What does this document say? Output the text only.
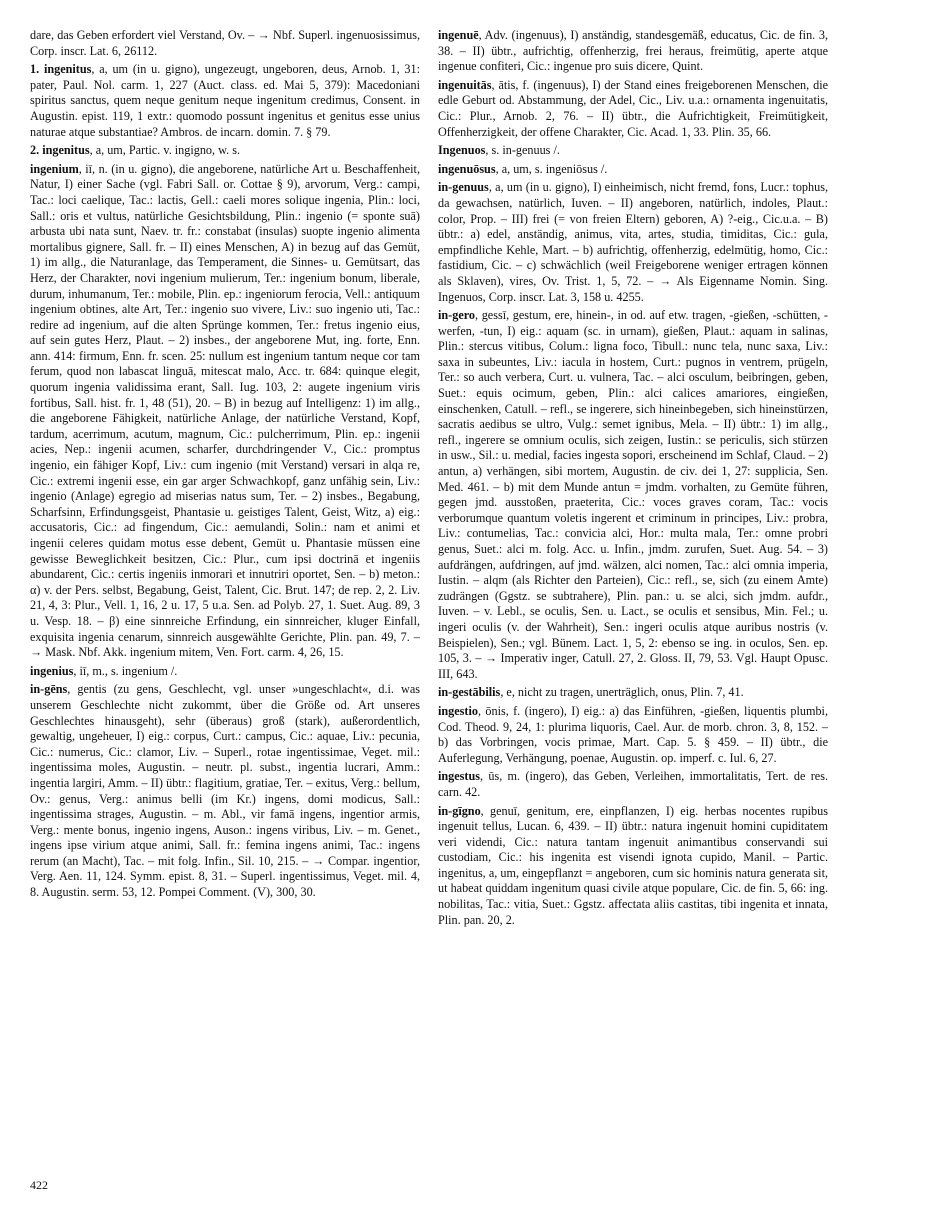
dare, das Geben erfordert viel Verstand, Ov. – → Nbf. Superl. ingenuosissimus, Corp. inscr. Lat. 6, 26112.
1. ingenitus, a, um (in u. gigno), ungezeugt, ungeboren, deus, Arnob. 1, 31: pater, Paul. Nol. carm. 1, 227 (Auct. class. ed. Mai 5, 379): Macedoniani spiritus sanctus, quem neque genitum neque ingenitum credimus, Consent. in Augustin. epist. 119, 1 extr.: quomodo possunt ingenitus et genitus esse unius naturae atque substantiae? Ambros. de incarn. domin. 7. § 79.
2. ingenitus, a, um, Partic. v. ingigno, w. s.
ingenium, iī, n. (in u. gigno), die angeborene, natürliche Art u. Beschaffenheit, Natur, I) einer Sache (vgl. Fabri Sall. or. Cottae § 9), arvorum, Verg.: campi, Tac.: loci caelique, Tac.: lactis, Gell.: caeli mores solique ingenia, Plin.: loci, Sall.: oris et vultus, natürliche Gesichtsbildung, Plin.: ingenio (= sponte suā) arbusta ubi nata sunt, Naev. tr. fr.: constabat (insulas) suopte ingenio alimenta mortalibus gignere, Sall. fr. – II) eines Menschen, A) in bezug auf das Gemüt, 1) im allg., die Naturanlage, das Temperament, die Sinnes- u. Gemütsart, das Herz, der Charakter, novi ingenium mulierum, Ter.: ingenium bonum, liberale, durum, inhumanum, Ter.: mobile, Plin. ep.: ingeniorum ferocia, Vell.: antiquum ingenium obtines, alte Art, Ter.: ingenio suo vivere, Liv.: suo ingenio uti, Tac.: redire ad ingenium, auf die alten Sprünge kommen, Ter.: fretus ingenio eius, auf sein gutes Herz, Plaut. – 2) insbes., der angeborene Mut, ing. forte, Enn. ann. 414: firmum, Enn. fr. scen. 25: nullum est ingenium tantum neque cor tam ferum, quod non labascat linguā, mitescat malo, Acc. tr. 684: quinque elegit, quorum ingenia validissima erant, Sall. Iug. 103, 2: augete ingenium viris fortibus, Sall. hist. fr. 1, 48 (51), 20. – B) in bezug auf Intelligenz: 1) im allg., die angeborene Fähigkeit, natürliche Anlage, der natürliche Verstand, Kopf, tardum, acerrimum, acutum, magnum, Cic.: pulcherrimum, Plin. ep.: ingenii acies, Nep.: ingenii acumen, scharfer, durchdringender V., Cic.: promptus ingenio, ein fähiger Kopf, Liv.: cum ingenio (mit Verstand) versari in alqa re, Cic.: extremi ingenii esse, ein gar arger Schwachkopf, ganz unfähig sein, Liv.: ingenio (Anlage) egregio ad miserias natus sum, Ter. – 2) insbes., Begabung, Scharfsinn, Erfindungsgeist, Phantasie u. geistiges Talent, Geist, Witz, a) eig.: accusatoris, Cic.: ad fingendum, Cic.: aemulandi, Solin.: nam et animi et ingenii celeres quidam motus esse debent, Gemüt u. Phantasie müssen eine gewisse Beweglichkeit besitzen, Cic.: Plur., cum ipsi doctrinā et ingeniis abundarent, Cic.: certis ingeniis inmorari et innutriri oportet, Sen. – b) meton.: α) v. der Pers. selbst, Begabung, Geist, Talent, Cic. Brut. 147; de rep. 2, 2. Liv. 21, 4, 3: Plur., Vell. 1, 16, 2 u. 17, 5 u.a. Sen. ad Polyb. 27, 1. Suet. Aug. 89, 3 u. Vesp. 18. – β) eine sinnreiche Erfindung, ein sinnreicher, kluger Einfall, exquisita ingenia cenarum, sinnreich ausgewählte Gerichte, Plin. pan. 49, 7. – → Mask. Nbf. Akk. ingenium mitem, Ven. Fort. carm. 4, 26, 15.
ingenius, iī, m., s. ingenium /.
in-gēns, gentis (zu gens, Geschlecht, vgl. unser »ungeschlacht«, d.i. was unserem Geschlechte nicht zukommt, über die Größe od. Art unseres Geschlechtes hinausgeht), sehr (überaus) groß (stark), außerordentlich, gewaltig, ungeheuer, I) eig.: corpus, Curt.: campus, Cic.: aquae, Liv.: pecunia, Cic.: numerus, Cic.: clamor, Liv. – Superl., rotae ingentissimae, Veget. mil.: ingentissima moles, Augustin. – neutr. pl. subst., ingentia lucrari, Amm.: ingentia largiri, Amm. – II) übtr.: flagitium, gratiae, Ter. – exitus, Verg.: bellum, Ov.: genus, Verg.: animus belli (im Kr.) ingens, domi modicus, Sall.: ingentissima strages, Augustin. – m. Abl., vir famā ingens, ingentior armis, Verg.: mente bonus, ingenio ingens, Auson.: ingens viribus, Liv. – m. Genet., ingens ipse virium atque animi, Sall. fr.: femina ingens animi, Tac.: ingens rerum (an Macht), Tac. – mit folg. Infin., Sil. 10, 215. – → Compar. ingentior, Verg. Aen. 11, 124. Symm. epist. 8, 31. – Superl. ingentissimus, Veget. mil. 4, 8. Augustin. serm. 53, 12. Pompei Comment. (V), 300, 30.
ingenuē, Adv. (ingenuus), I) anständig, standesgemäß, educatus, Cic. de fin. 3, 38. – II) übtr., aufrichtig, offenherzig, frei heraus, freimütig, aperte atque ingenue confiteri, Cic.: ingenue pro suis dicere, Quint.
ingenuitās, ātis, f. (ingenuus), I) der Stand eines freigeborenen Menschen, die edle Geburt od. Abstammung, der Adel, Cic., Liv. u.a.: ornamenta ingenuitatis, Cic.: Plur., Arnob. 2, 76. – II) übtr., die Aufrichtigkeit, Freimütigkeit, Offenherzigkeit, der offene Charakter, Cic. Acad. 1, 33. Plin. 35, 66.
Ingenuos, s. in-genuus /.
ingenuōsus, a, um, s. ingeniōsus /.
in-genuus, a, um (in u. gigno), I) einheimisch, nicht fremd, fons, Lucr.: tophus, da gewachsen, natürlich, Iuven. – II) angeboren, natürlich, indoles, Plaut.: color, Prop. – III) frei (= von freien Eltern) geboren, A) ?-eig., Cic.u.a. – B) übtr.: a) edel, anständig, animus, vita, artes, studia, timiditas, Cic.: gula, empfindliche Kehle, Mart. – b) aufrichtig, offenherzig, edelmütig, homo, Cic.: fastidium, Cic. – c) schwächlich (weil Freigeborene weniger ertragen können als Sklaven), vires, Ov. Trist. 1, 5, 72. – → Als Eigenname Nomin. Sing. Ingenuos, Corp. inscr. Lat. 3, 158 u. 4255.
in-gero, gessī, gestum, ere, hinein-, in od. auf etw. tragen, -gießen, -schütten, -werfen, -tun, I) eig.: aquam (sc. in urnam), gießen, Plaut.: aquam in salinas, Plin.: stercus vitibus, Colum.: ligna foco, Tibull.: nunc tela, nunc saxa, Liv.: saxa in subeuntes, Liv.: iacula in hostem, Curt.: pugnos in ventrem, prügeln, Ter.: so auch verbera, Curt. u. vulnera, Tac. – alci osculum, beibringen, geben, Suet.: equis ocimum, geben, Plin.: alci calices amariores, eingießen, einschenken, Catull. – refl., se ingerere, sich hineinbegeben, sich hineinstürzen, sacratis aedibus se ultro, Vulg.: semet ignibus, Mela. – II) übtr.: 1) im allg., refl., ingerere se omnium oculis, sich zeigen, Iustin.: se periculis, sich stürzen in usw., Sil.: u. medial, facies ingesta sopori, erscheinend im Schlaf, Claud. – 2) antun, a) verhängen, sibi mortem, Augustin. de civ. dei 1, 27: supplicia, Sen. Med. 461. – b) mit dem Munde antun = jmdm. vorhalten, zu Gemüte führen, gegen jmd. ausstoßen, praeterita, Cic.: voces graves coram, Tac.: vocis verborumque quantum voletis ingerent et criminum in principes, Liv.: probra, Liv.: contumelias, Tac.: convicia alci, Hor.: multa mala, Ter.: omne probri genus, Suet.: alci m. folg. Acc. u. Infin., jmdm. zurufen, Suet. Aug. 54. – 3) aufdrängen, aufdringen, auf jmd. wälzen, alci nomen, Tac.: alci omnia imperia, Iustin. – alqm (als Richter den Parteien), Cic.: refl., se, sich (zu einem Amte) zudrängen (Ggstz. se subtrahere), Plin. pan.: u. se alci, sich jmdm. aufdr., Iuven. – v. Lebl., se oculis, Sen. u. Lact., se oculis et sensibus, Min. Fel.; u. ingeri oculis (v. der Wahrheit), Sen.: ingeri oculis atque auribus nostris (v. Beispielen), Sen.; vgl. Bünem. Lact. 1, 5, 2: ebenso se ing. in oculos, Sen. ep. 105, 3. – → Imperativ inger, Catull. 27, 2. Gloss. II, 79, 53. Vgl. Haupt Opusc. III, 643.
in-gestābilis, e, nicht zu tragen, unerträglich, onus, Plin. 7, 41.
ingestio, ōnis, f. (ingero), I) eig.: a) das Einführen, -gießen, liquentis plumbi, Cod. Theod. 9, 24, 1: plurima liquoris, Cael. Aur. de morb. chron. 3, 8, 152. – b) das Vorbringen, vocis primae, Mart. Cap. 5. § 459. – II) übtr., die Auferlegung, Verhängung, poenae, Augustin. op. imperf. c. Iul. 6, 27.
ingestus, ūs, m. (ingero), das Geben, Verleihen, immortalitatis, Tert. de res. carn. 42.
in-gīgno, genuī, genitum, ere, einpflanzen, I) eig. herbas nocentes rupibus ingenuit tellus, Lucan. 6, 439. – II) übtr.: natura ingenuit homini cupiditatem veri videndi, Cic.: natura tantam ingenuit animantibus conservandi sui custodiam, Cic.: his ingenita est visendi ignota cupido, Manil. – Partic. ingenitus, a, um, eingepflanzt = angeboren, cum sic hominis natura generata sit, ut habeat quiddam ingenitum quasi civile atque populare, Cic. de fin. 5, 66: ing. nobilitas, Tac.: vitia, Suet.: Ggstz. affectata aliis castitas, tibi ingenita et innata, Plin. pan. 20, 2.
422
